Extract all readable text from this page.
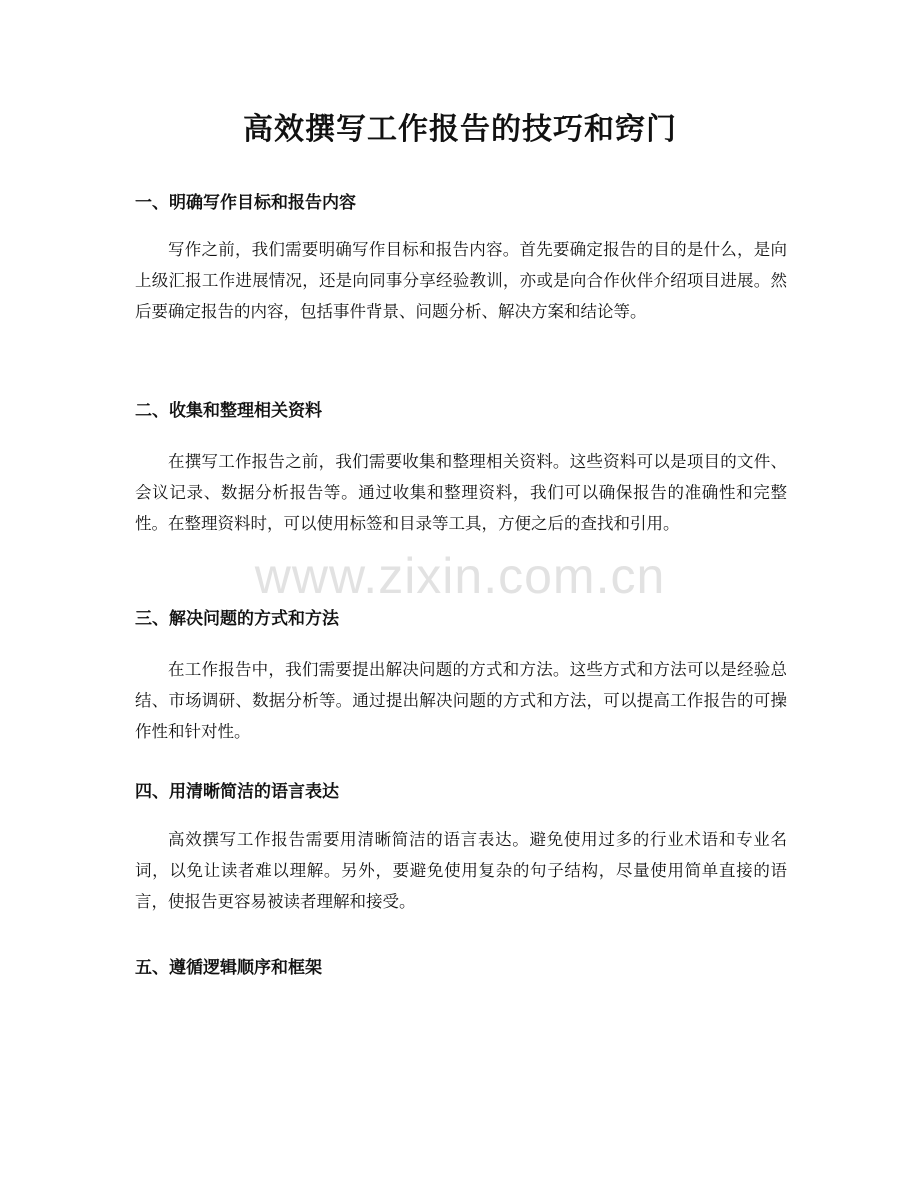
高效撰写工作报告的技巧和窍门
一、明确写作目标和报告内容

写作之前，我们需要明确写作目标和报告内容。首先要确定报告的目的是什么，是向上级汇报工作进展情况，还是向同事分享经验教训，亦或是向合作伙伴介绍项目进展。然后要确定报告的内容，包括事件背景、问题分析、解决方案和结论等。

二、收集和整理相关资料

在撰写工作报告之前，我们需要收集和整理相关资料。这些资料可以是项目的文件、会议记录、数据分析报告等。通过收集和整理资料，我们可以确保报告的准确性和完整性。在整理资料时，可以使用标签和目录等工具，方便之后的查找和引用。

三、解决问题的方式和方法

在工作报告中，我们需要提出解决问题的方式和方法。这些方式和方法可以是经验总结、市场调研、数据分析等。通过提出解决问题的方式和方法，可以提高工作报告的可操作性和针对性。

四、用清晰简洁的语言表达

高效撰写工作报告需要用清晰简洁的语言表达。避免使用过多的行业术语和专业名词，以免让读者难以理解。另外，要避免使用复杂的句子结构，尽量使用简单直接的语言，使报告更容易被读者理解和接受。

五、遵循逻辑顺序和框架
www.zixin.com.cn
